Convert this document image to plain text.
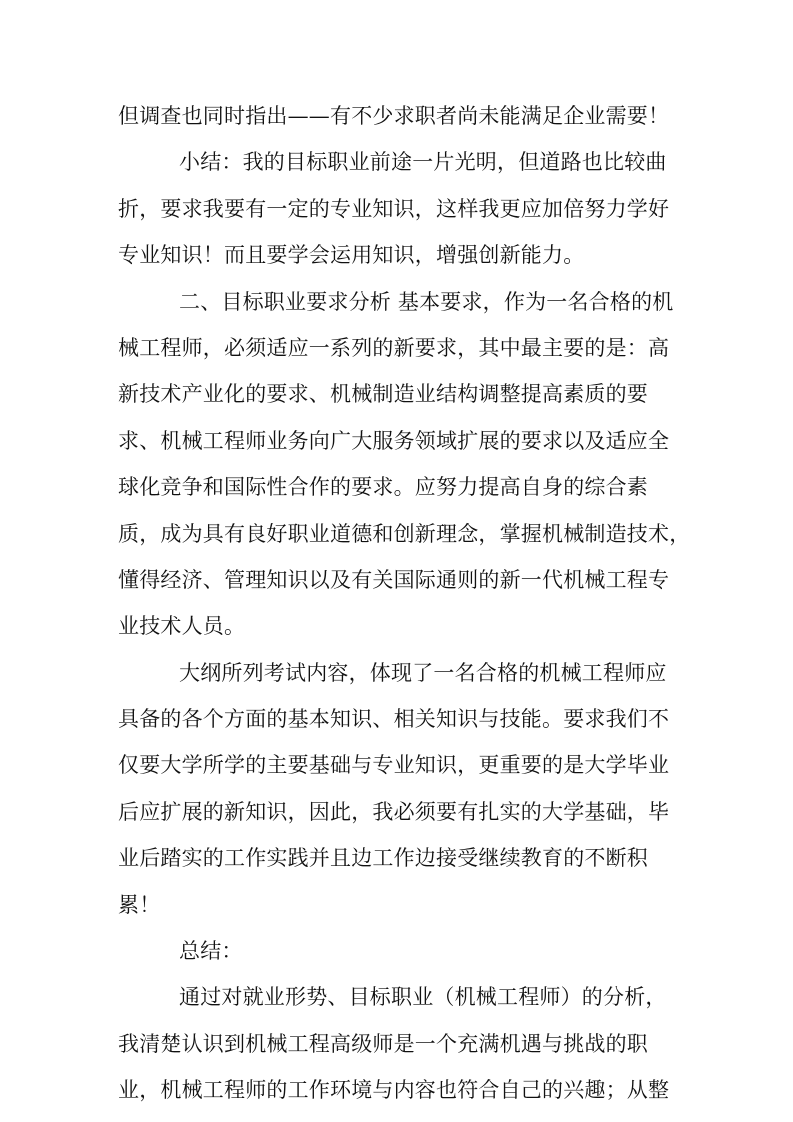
但调查也同时指出——有不少求职者尚未能满足企业需要！
小结：我的目标职业前途一片光明，但道路也比较曲
折，要求我要有一定的专业知识，这样我更应加倍努力学好
专业知识！而且要学会运用知识，增强创新能力。
二、目标职业要求分析 基本要求，作为一名合格的机
械工程师，必须适应一系列的新要求，其中最主要的是：高
新技术产业化的要求、机械制造业结构调整提高素质的要
求、机械工程师业务向广大服务领域扩展的要求以及适应全
球化竞争和国际性合作的要求。应努力提高自身的综合素
质，成为具有良好职业道德和创新理念，掌握机械制造技术，
懂得经济、管理知识以及有关国际通则的新一代机械工程专
业技术人员。
大纲所列考试内容，体现了一名合格的机械工程师应
具备的各个方面的基本知识、相关知识与技能。要求我们不
仅要大学所学的主要基础与专业知识，更重要的是大学毕业
后应扩展的新知识，因此，我必须要有扎实的大学基础，毕
业后踏实的工作实践并且边工作边接受继续教育的不断积
累！
总结：
通过对就业形势、目标职业（机械工程师）的分析，
我清楚认识到机械工程高级师是一个充满机遇与挑战的职
业，机械工程师的工作环境与内容也符合自己的兴趣；从整
